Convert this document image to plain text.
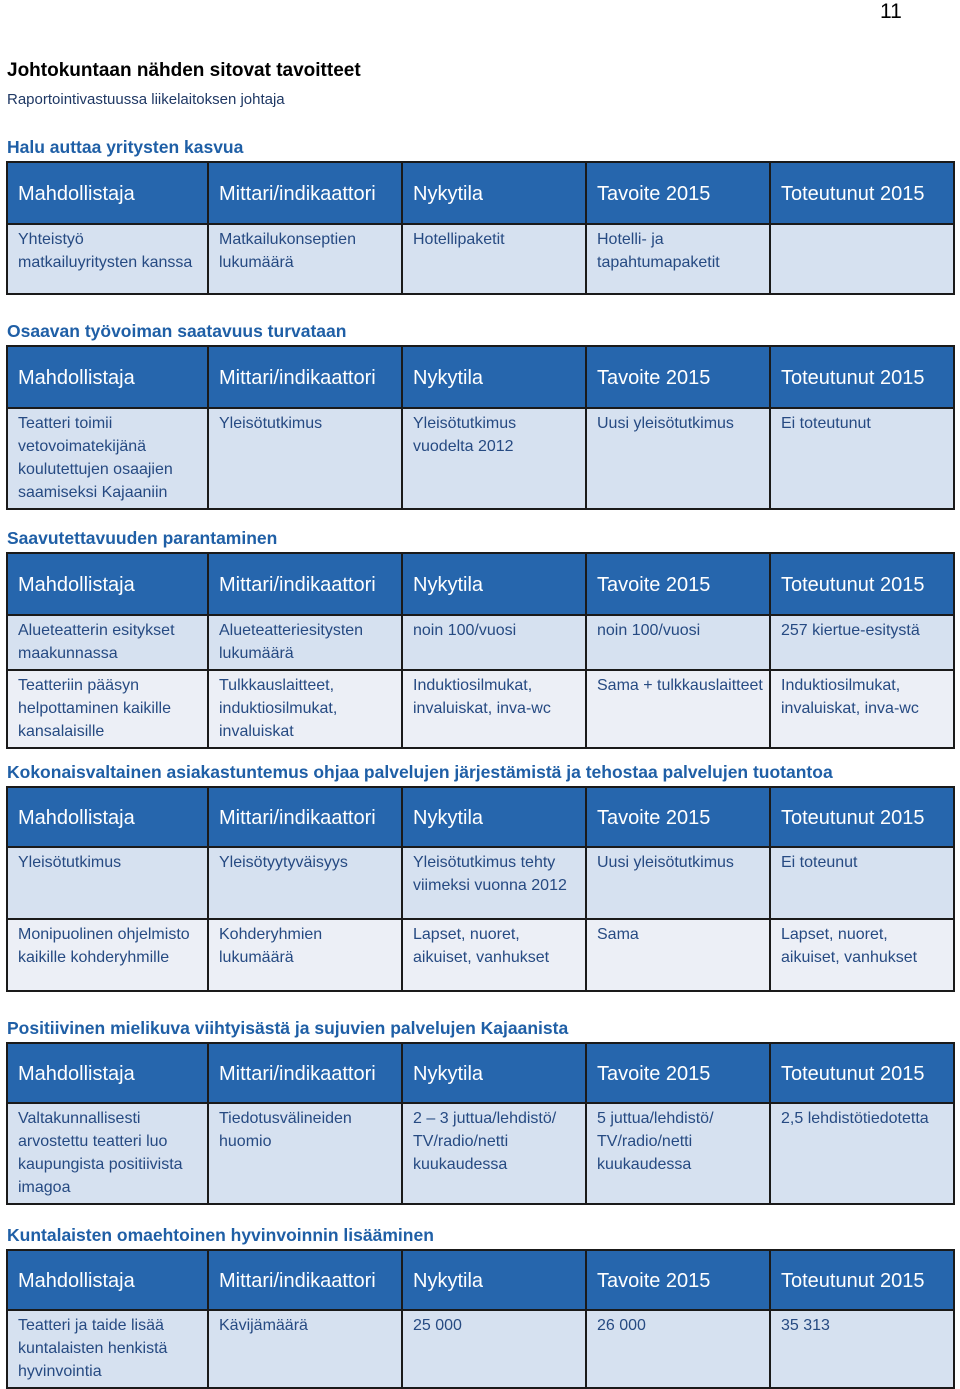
11
Johtokuntaan nähden sitovat tavoitteet
Raportointivastuussa liikelaitoksen johtaja
Halu auttaa yritysten kasvua
Mahdollistaja	Mittari/indikaattori	Nykytila	Tavoite 2015	Toteutunut 2015
Yhteistyö matkailuyritysten kanssa	Matkailukonseptien lukumäärä	Hotellipaketit	Hotelli- ja tapahtumapaketit	
Osaavan työvoiman saatavuus turvataan
Mahdollistaja	Mittari/indikaattori	Nykytila	Tavoite 2015	Toteutunut 2015
Teatteri toimii vetovoimatekijänä koulutettujen osaajien saamiseksi Kajaaniin	Yleisötutkimus	Yleisötutkimus vuodelta 2012	Uusi yleisötutkimus	Ei toteutunut
Saavutettavuuden parantaminen
Mahdollistaja	Mittari/indikaattori	Nykytila	Tavoite 2015	Toteutunut 2015
Alueteatterin esitykset maakunnassa	Alueteatteriesitysten lukumäärä	noin 100/vuosi	noin 100/vuosi	257 kiertue-esitystä
Teatteriin pääsyn helpottaminen kaikille kansalaisille	Tulkkauslaitteet, induktiosilmukat, invaluiskat	Induktiosilmukat, invaluiskat, inva-wc	Sama + tulkkauslaitteet	Induktiosilmukat, invaluiskat, inva-wc
Kokonaisvaltainen asiakastuntemus ohjaa palvelujen järjestämistä ja tehostaa palvelujen tuotantoa
Mahdollistaja	Mittari/indikaattori	Nykytila	Tavoite 2015	Toteutunut 2015
Yleisötutkimus	Yleisötyytyväisyys	Yleisötutkimus tehty viimeksi vuonna 2012	Uusi yleisötutkimus	Ei toteunut
Monipuolinen ohjelmisto kaikille kohderyhmille	Kohderyhmien lukumäärä	Lapset, nuoret, aikuiset, vanhukset	Sama	Lapset, nuoret, aikuiset, vanhukset
Positiivinen mielikuva viihtyisästä ja sujuvien palvelujen Kajaanista
Mahdollistaja	Mittari/indikaattori	Nykytila	Tavoite 2015	Toteutunut 2015
Valtakunnallisesti arvostettu teatteri luo kaupungista positiivista imagoa	Tiedotusvälineiden huomio	2 – 3 juttua/lehdistö/ TV/radio/netti kuukaudessa	5 juttua/lehdistö/ TV/radio/netti kuukaudessa	2,5 lehdistötiedotetta
Kuntalaisten omaehtoinen hyvinvoinnin lisääminen
Mahdollistaja	Mittari/indikaattori	Nykytila	Tavoite 2015	Toteutunut 2015
Teatteri ja taide lisää kuntalaisten henkistä hyvinvointia	Kävijämäärä	25 000	26 000	35 313
